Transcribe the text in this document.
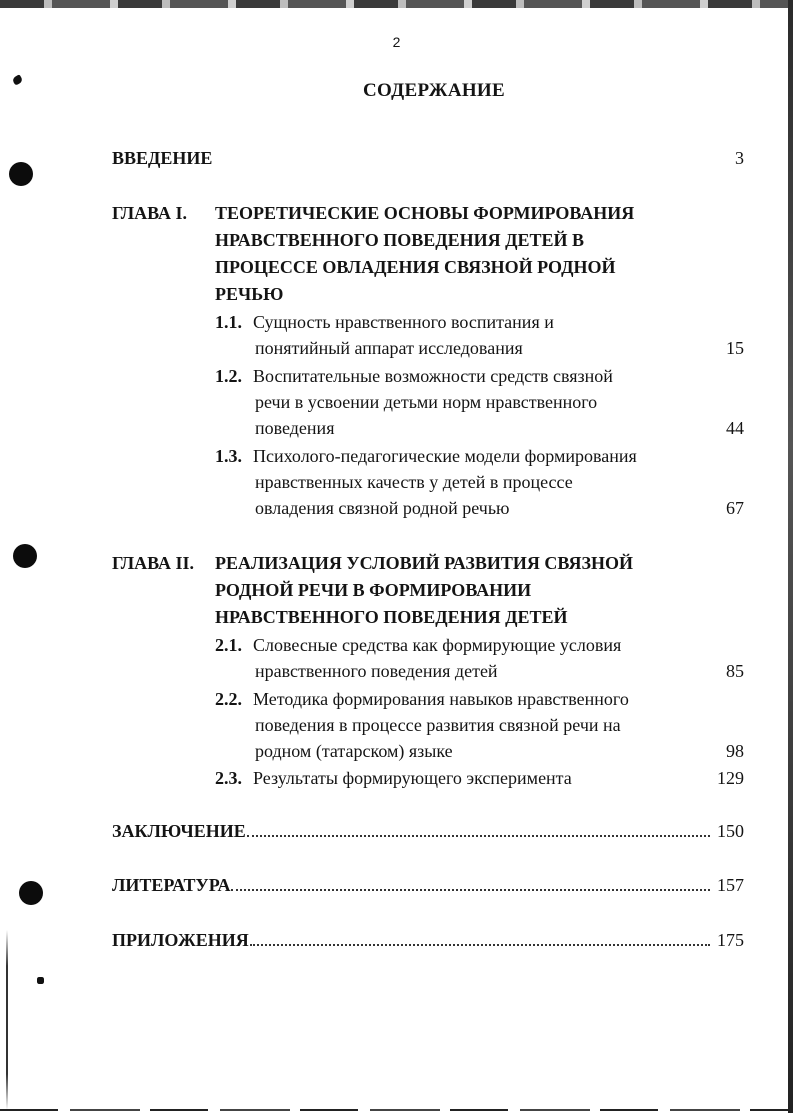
2
СОДЕРЖАНИЕ
ВВЕДЕНИЕ	3
ГЛАВА I. ТЕОРЕТИЧЕСКИЕ ОСНОВЫ ФОРМИРОВАНИЯ
НРАВСТВЕННОГО ПОВЕДЕНИЯ ДЕТЕЙ В
ПРОЦЕССЕ ОВЛАДЕНИЯ СВЯЗНОЙ РОДНОЙ
РЕЧЬЮ
1.1. Сущность нравственного воспитания и
понятийный аппарат исследования	15
1.2. Воспитательные возможности средств связной
речи в усвоении детьми норм нравственного
поведения	44
1.3. Психолого-педагогические модели формирования
нравственных качеств у детей в процессе
овладения связной родной речью	67
ГЛАВА II. РЕАЛИЗАЦИЯ УСЛОВИЙ РАЗВИТИЯ СВЯЗНОЙ
РОДНОЙ РЕЧИ В ФОРМИРОВАНИИ
НРАВСТВЕННОГО ПОВЕДЕНИЯ ДЕТЕЙ
2.1. Словесные средства как формирующие условия
нравственного поведения детей	85
2.2. Методика формирования навыков нравственного
поведения в процессе развития связной речи на
родном (татарском) языке	98
2.3. Результаты формирующего эксперимента	129
ЗАКЛЮЧЕНИЕ	150
ЛИТЕРАТУРА	157
ПРИЛОЖЕНИЯ	175
